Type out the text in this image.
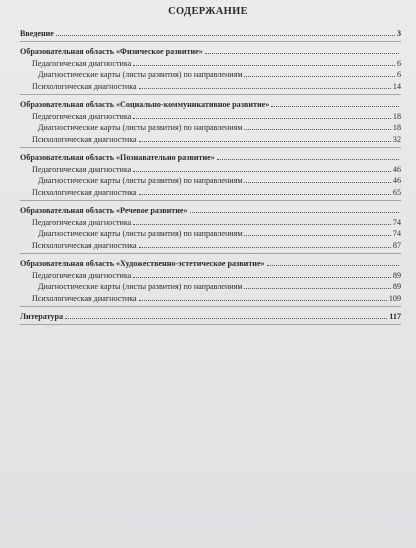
СОДЕРЖАНИЕ
Введение	3
Образовательная область «Физическое развитие»
Педагогическая диагностика	6
Диагностические карты (листы развития) по направлениям	6
Психологическая диагностика	14
Образовательная область «Социально-коммуникативное развитие»
Педагогическая диагностика	18
Диагностические карты (листы развития) по направлениям	18
Психологическая диагностика	32
Образовательная область «Познавательно развитие»
Педагогическая диагностика	46
Диагностические карты (листы развития) по направлениям	46
Психологическая диагностика	65
Образовательная область «Речевое развитие»
Педагогическая диагностика	74
Диагностические карты (листы развития) по направлениям	74
Психологическая диагностика	87
Образовательная область «Художественно-эстетическое развитие»
Педагогическая диагностика	89
Диагностические карты (листы развития) по направлениям	89
Психологическая диагностика	109
Литература	117
